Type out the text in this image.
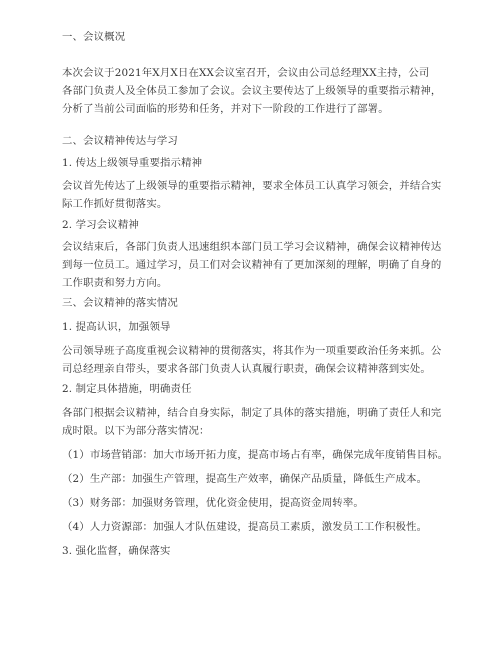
一、会议概况
本次会议于2021年X月X日在XX会议室召开，会议由公司总经理XX主持，公司
各部门负责人及全体员工参加了会议。会议主要传达了上级领导的重要指示精神，
分析了当前公司面临的形势和任务，并对下一阶段的工作进行了部署。
二、会议精神传达与学习
1. 传达上级领导重要指示精神
会议首先传达了上级领导的重要指示精神，要求全体员工认真学习领会，并结合实
际工作抓好贯彻落实。
2. 学习会议精神
会议结束后，各部门负责人迅速组织本部门员工学习会议精神，确保会议精神传达
到每一位员工。通过学习，员工们对会议精神有了更加深刻的理解，明确了自身的
工作职责和努力方向。
三、会议精神的落实情况
1. 提高认识，加强领导
公司领导班子高度重视会议精神的贯彻落实，将其作为一项重要政治任务来抓。公
司总经理亲自带头，要求各部门负责人认真履行职责，确保会议精神落到实处。
2. 制定具体措施，明确责任
各部门根据会议精神，结合自身实际，制定了具体的落实措施，明确了责任人和完
成时限。以下为部分落实情况：
（1）市场营销部：加大市场开拓力度，提高市场占有率，确保完成年度销售目标。
（2）生产部：加强生产管理，提高生产效率，确保产品质量，降低生产成本。
（3）财务部：加强财务管理，优化资金使用，提高资金周转率。
（4）人力资源部：加强人才队伍建设，提高员工素质，激发员工工作积极性。
3. 强化监督，确保落实
